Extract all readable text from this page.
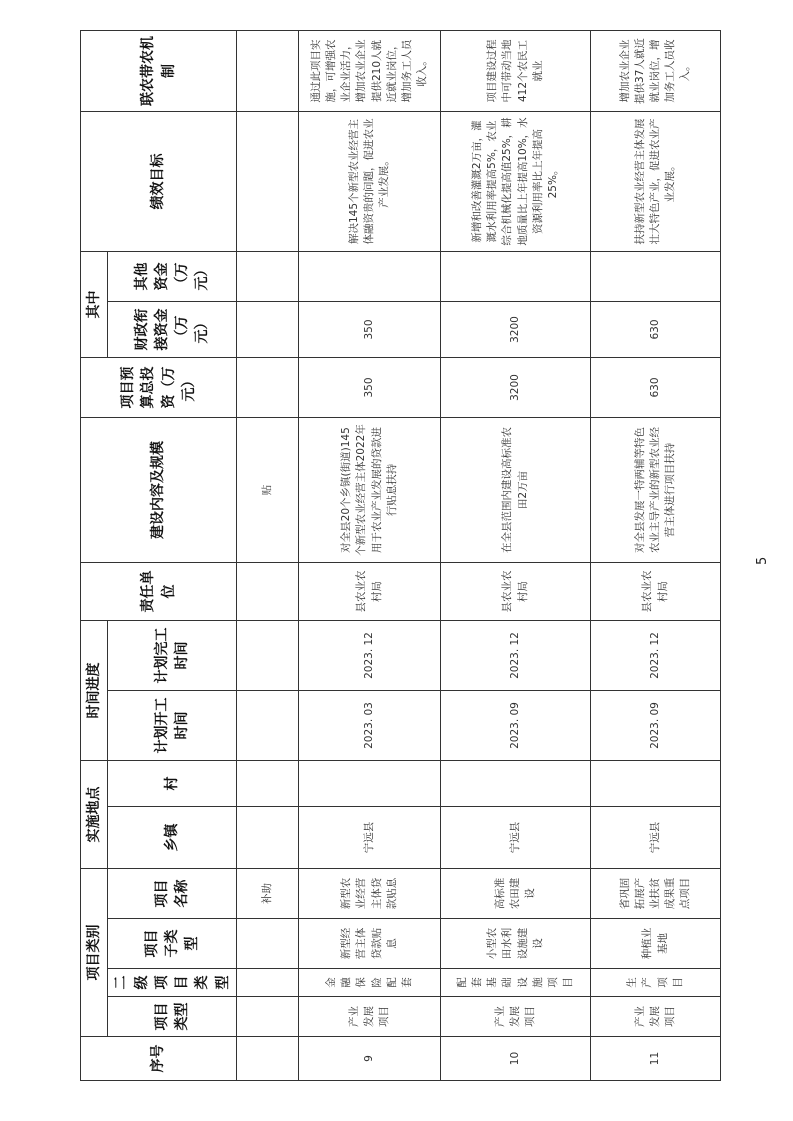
序号	项目类别				实施地点		时间进度		责任单位	建设内容及规模	项目预算总投资（万元）	其中		绩效目标	联农带农机制
	项目类型	二级项目类型	项目子类型	项目名称	乡镇	村	计划开工时间	计划完工时间				财政衔接资金（万元）	其他资金（万元）		

				补助						贴					
9	产业发展项目	金融保险配套	新型经营主体贷款贴息	新型农业经营主体贷款贴息	宁远县		2023. 03	2023. 12	县农业农村局	对全县20个乡镇(街道)145个新型农业经营主体2022年用于农业产业发展的贷款进行贴息扶持	350	350		解决145个新型农业经营主体融资贵的问题，促进农业产业发展。	通过此项目实施，可增强农业企业活力，增加农业企业提供210人就近就业岗位，增加务工人员收入。
10	产业发展项目	配套基础设施项目	小型农田水利设施建设	高标准农田建设	宁远县		2023. 09	2023. 12	县农业农村局	在全县范围内建设高标准农田2万亩	3200	3200		新增和改善灌溉2万亩，灌溉水利用率提高5%，农业综合机械化提高值25%，耕地质量比上年提高10%，水资源利用率比上年提高25%。	项目建设过程中可带动当地412个农民工就业
11	产业发展项目	生产项目	种植业基地	省巩固拓展产业扶贫成果重点项目	宁远县		2023. 09	2023. 12	县农业农村局	对全县发展一特两辅等特色农业主导产业的新型农业经营主体进行项目扶持	630	630		扶持新型农业经营主体发展壮大特色产业，促进农业产业发展。	增加农业企业提供37人就近就业岗位，增加务工人员收入。
5
